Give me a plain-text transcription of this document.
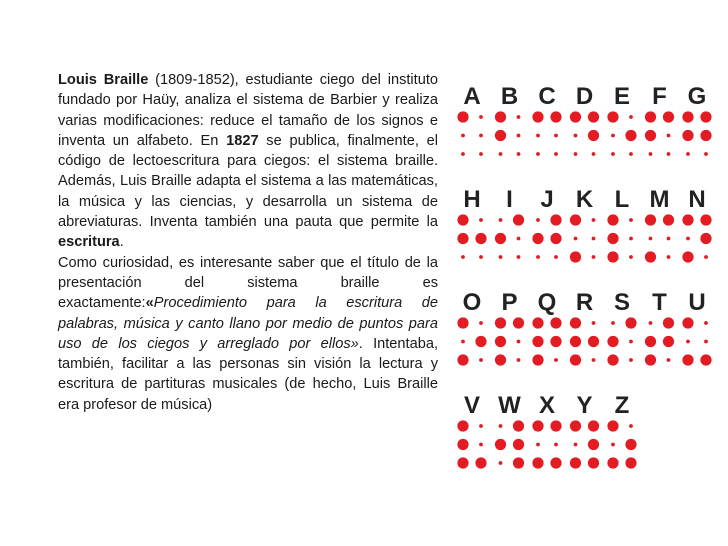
Louis Braille (1809-1852), estudiante ciego del instituto fundado por Haüy, analiza el sistema de Barbier y realiza varias modificaciones: reduce el tamaño de los signos e inventa un alfabeto. En 1827 se publica, finalmente, el código de lectoescritura para ciegos: el sistema braille. Además, Luis Braille adapta el sistema a las matemáticas, la música y las ciencias, y desarrolla un sistema de abreviaturas. Inventa también una pauta que permite la escritura.

Como curiosidad, es interesante saber que el título de la presentación del sistema braille es exactamente:«Procedimiento para la escritura de palabras, música y canto llano por medio de puntos para uso de los ciegos y arreglado por ellos». Intentaba, también, facilitar a las personas sin visión la lectura y escritura de partituras musicales (de hecho, Luis Braille era profesor de música)

A B C D E F G
H I J K L M N
O P Q R S T U
V W X Y Z
